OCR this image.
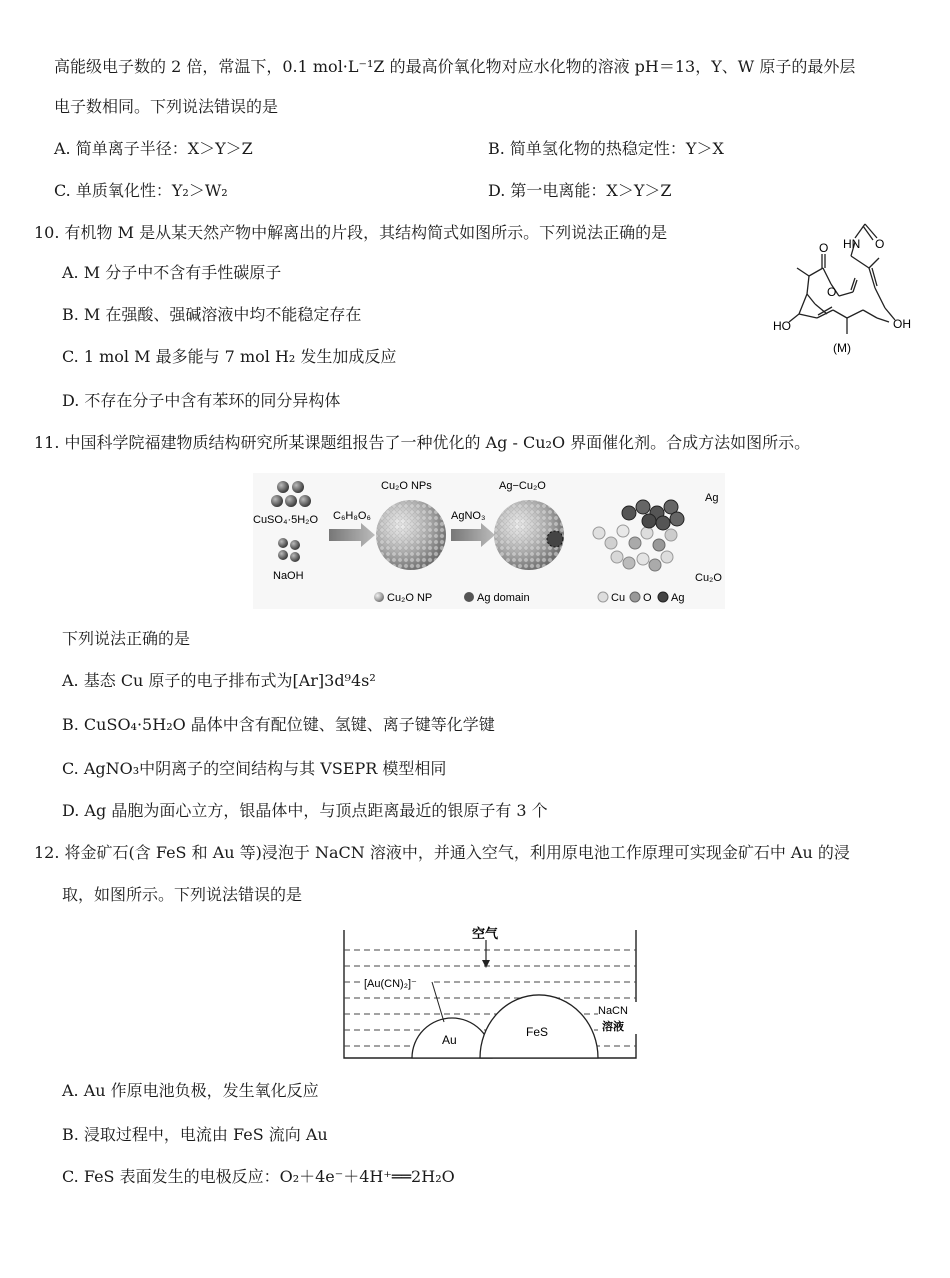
高能级电子数的 2 倍，常温下，0.1 mol·L⁻¹Z 的最高价氧化物对应水化物的溶液 pH＝13，Y、W 原子的最外层
电子数相同。下列说法错误的是
A. 简单离子半径：X＞Y＞Z	B. 简单氢化物的热稳定性：Y＞X
C. 单质氧化性：Y₂＞W₂	D. 第一电离能：X＞Y＞Z
10. 有机物 M 是从某天然产物中解离出的片段，其结构简式如图所示。下列说法正确的是
A. M 分子中不含有手性碳原子
B. M 在强酸、强碱溶液中均不能稳定存在
C. 1 mol M 最多能与 7 mol H₂ 发生加成反应
D. 不存在分子中含有苯环的同分异构体
O HN O
O
HO	OH
(M)
11. 中国科学院福建物质结构研究所某课题组报告了一种优化的 Ag - Cu₂O 界面催化剂。合成方法如图所示。
CuSO₄·5H₂O
NaOH
C₆H₈O₆
Cu₂O NPs
AgNO₃
Ag−Cu₂O
Ag
Cu₂O
Cu₂O NP	Ag domain	Cu O Ag
下列说法正确的是
A. 基态 Cu 原子的电子排布式为[Ar]3d⁹4s²
B. CuSO₄·5H₂O 晶体中含有配位键、氢键、离子键等化学键
C. AgNO₃中阴离子的空间结构与其 VSEPR 模型相同
D. Ag 晶胞为面心立方，银晶体中，与顶点距离最近的银原子有 3 个
12. 将金矿石(含 FeS 和 Au 等)浸泡于 NaCN 溶液中，并通入空气，利用原电池工作原理可实现金矿石中 Au 的浸
取，如图所示。下列说法错误的是
空气
[Au(CN)₂]⁻
NaCN
溶液
Au
FeS
A. Au 作原电池负极，发生氧化反应
B. 浸取过程中，电流由 FeS 流向 Au
C. FeS 表面发生的电极反应：O₂＋4e⁻＋4H⁺══2H₂O
